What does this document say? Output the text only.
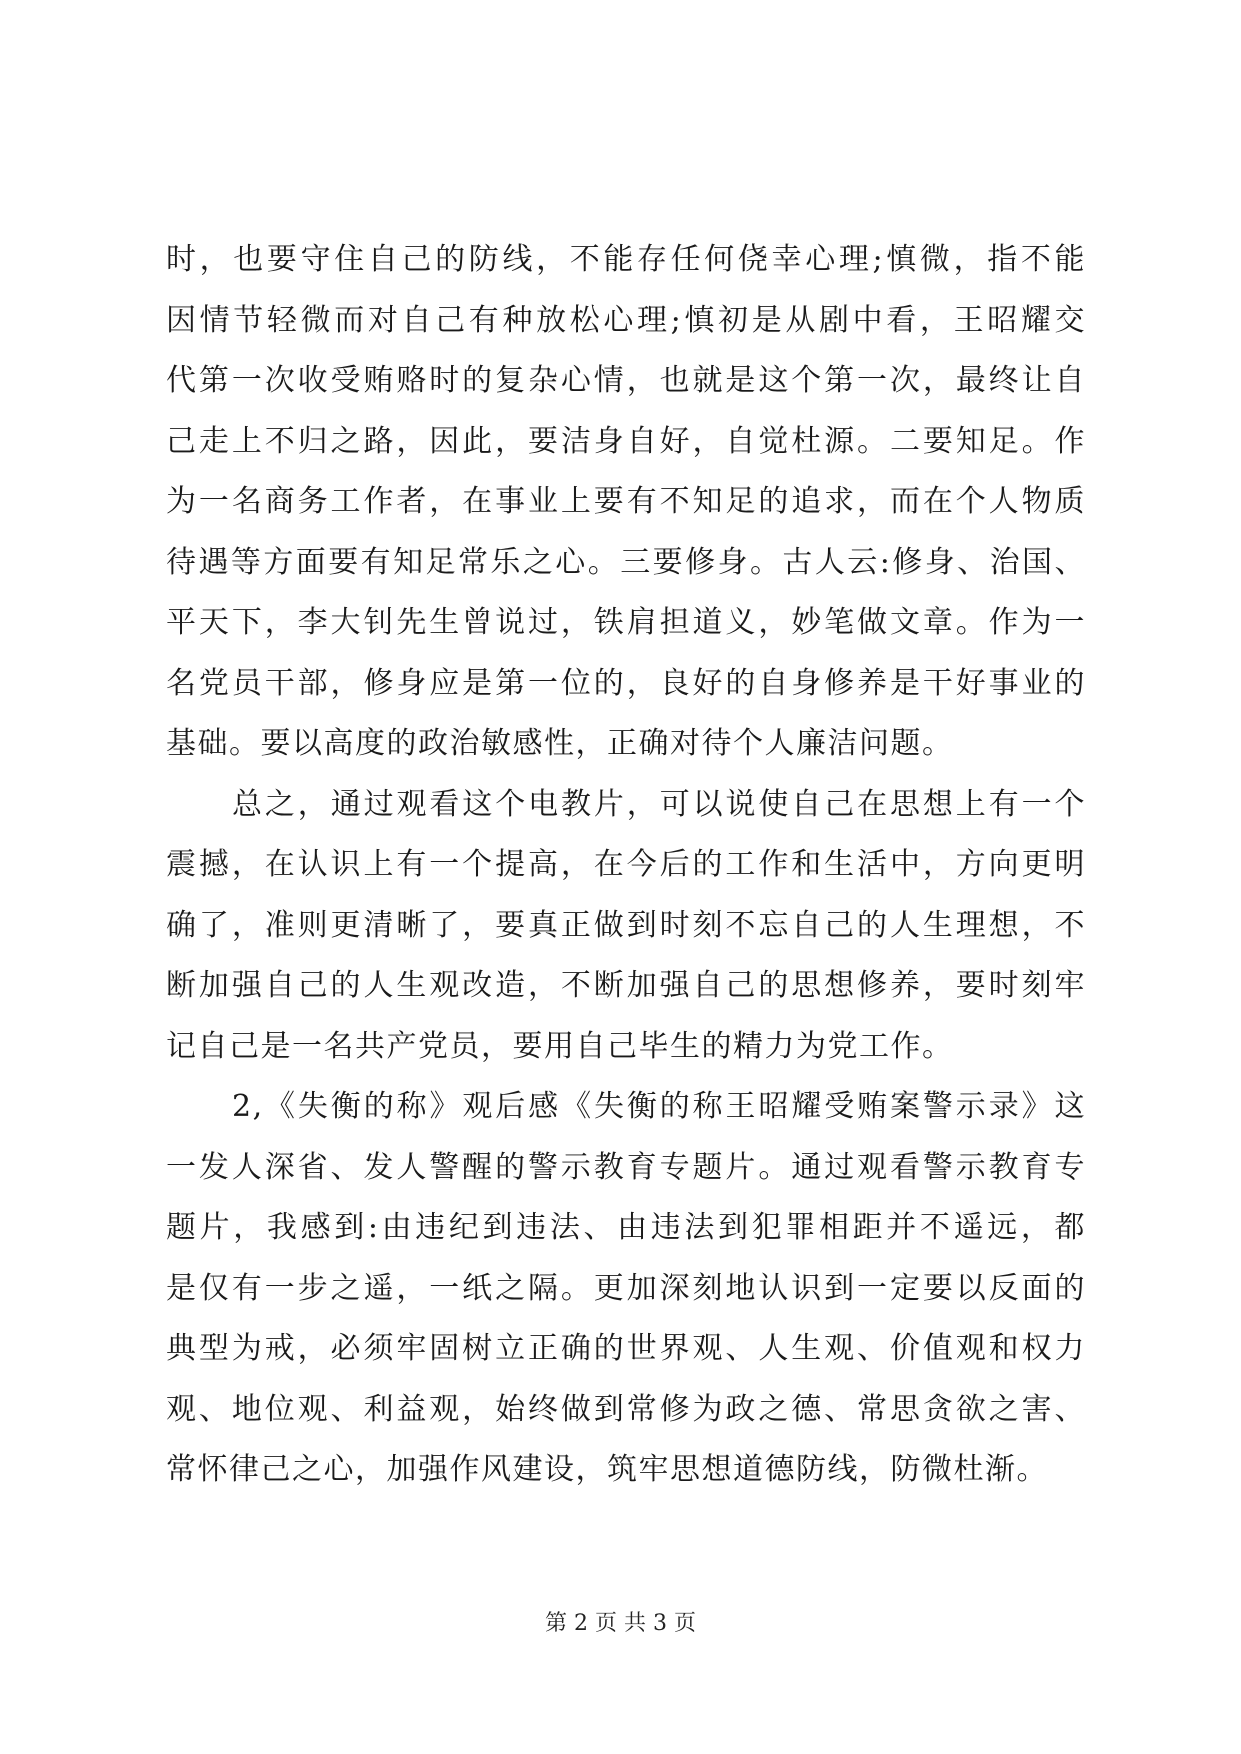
时，也要守住自己的防线，不能存任何侥幸心理;慎微，指不能
因情节轻微而对自己有种放松心理;慎初是从剧中看，王昭耀交
代第一次收受贿赂时的复杂心情，也就是这个第一次，最终让自
己走上不归之路，因此，要洁身自好，自觉杜源。二要知足。作
为一名商务工作者，在事业上要有不知足的追求，而在个人物质
待遇等方面要有知足常乐之心。三要修身。古人云:修身、治国、
平天下，李大钊先生曾说过，铁肩担道义，妙笔做文章。作为一
名党员干部，修身应是第一位的，良好的自身修养是干好事业的
基础。要以高度的政治敏感性，正确对待个人廉洁问题。
总之，通过观看这个电教片，可以说使自己在思想上有一个
震撼，在认识上有一个提高，在今后的工作和生活中，方向更明
确了，准则更清晰了，要真正做到时刻不忘自己的人生理想，不
断加强自己的人生观改造，不断加强自己的思想修养，要时刻牢
记自己是一名共产党员，要用自己毕生的精力为党工作。
2,《失衡的称》观后感《失衡的称王昭耀受贿案警示录》这
一发人深省、发人警醒的警示教育专题片。通过观看警示教育专
题片，我感到:由违纪到违法、由违法到犯罪相距并不遥远，都
是仅有一步之遥，一纸之隔。更加深刻地认识到一定要以反面的
典型为戒，必须牢固树立正确的世界观、人生观、价值观和权力
观、地位观、利益观，始终做到常修为政之德、常思贪欲之害、
常怀律己之心，加强作风建设，筑牢思想道德防线，防微杜渐。
第 2 页 共 3 页
